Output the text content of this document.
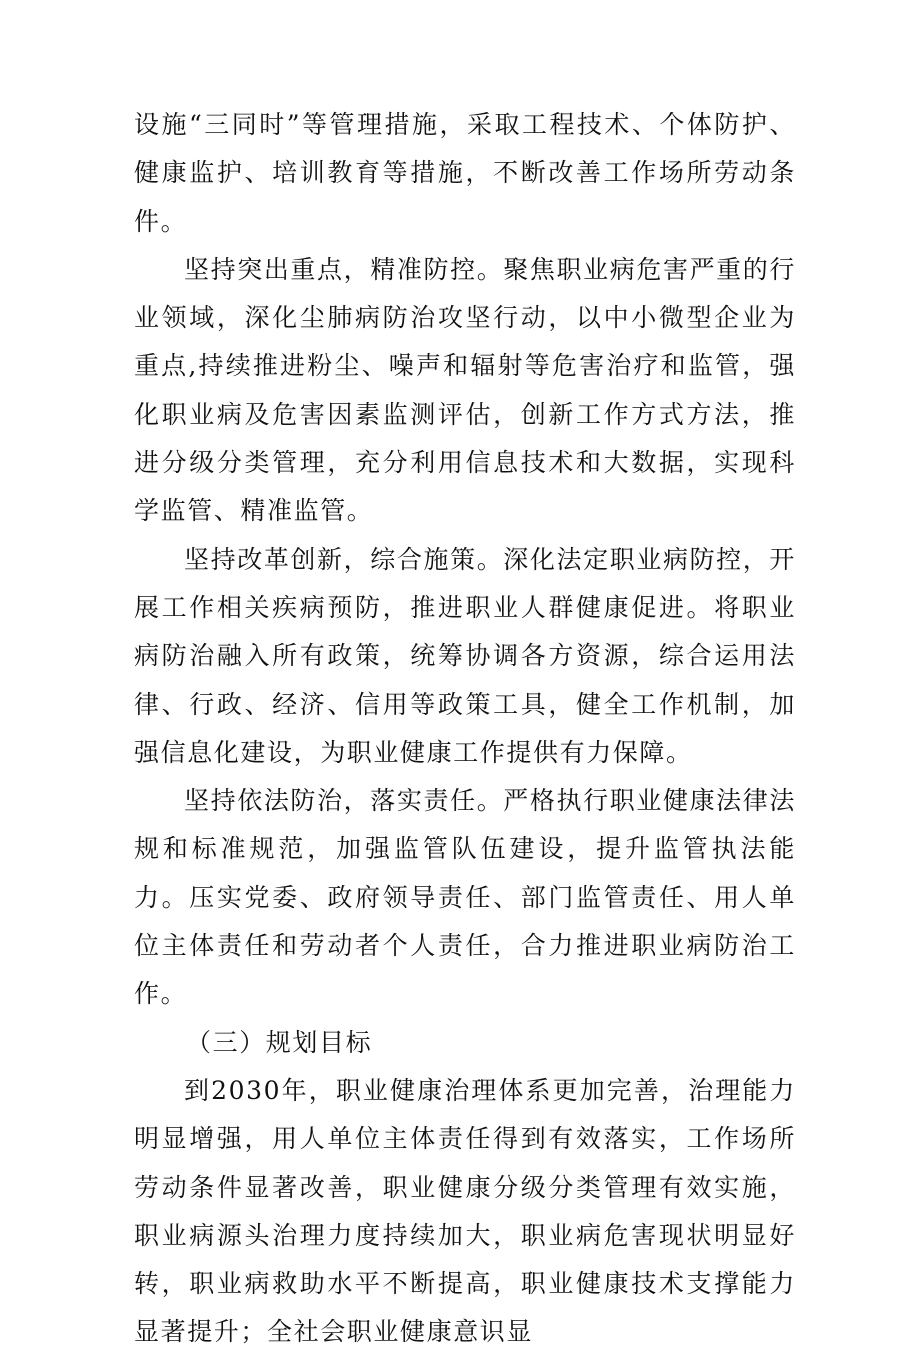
设施“三同时”等管理措施，采取工程技术、个体防护、健康监护、培训教育等措施，不断改善工作场所劳动条件。

坚持突出重点，精准防控。聚焦职业病危害严重的行业领域，深化尘肺病防治攻坚行动，以中小微型企业为重点,持续推进粉尘、噪声和辐射等危害治疗和监管，强化职业病及危害因素监测评估，创新工作方式方法，推进分级分类管理，充分利用信息技术和大数据，实现科学监管、精准监管。

坚持改革创新，综合施策。深化法定职业病防控，开展工作相关疾病预防，推进职业人群健康促进。将职业病防治融入所有政策，统筹协调各方资源，综合运用法律、行政、经济、信用等政策工具，健全工作机制，加强信息化建设，为职业健康工作提供有力保障。

坚持依法防治，落实责任。严格执行职业健康法律法规和标准规范，加强监管队伍建设，提升监管执法能力。压实党委、政府领导责任、部门监管责任、用人单位主体责任和劳动者个人责任，合力推进职业病防治工作。

（三）规划目标

到2030年，职业健康治理体系更加完善，治理能力明显增强，用人单位主体责任得到有效落实，工作场所劳动条件显著改善，职业健康分级分类管理有效实施，职业病源头治理力度持续加大，职业病危害现状明显好转，职业病救助水平不断提高，职业健康技术支撑能力显著提升；全社会职业健康意识显
